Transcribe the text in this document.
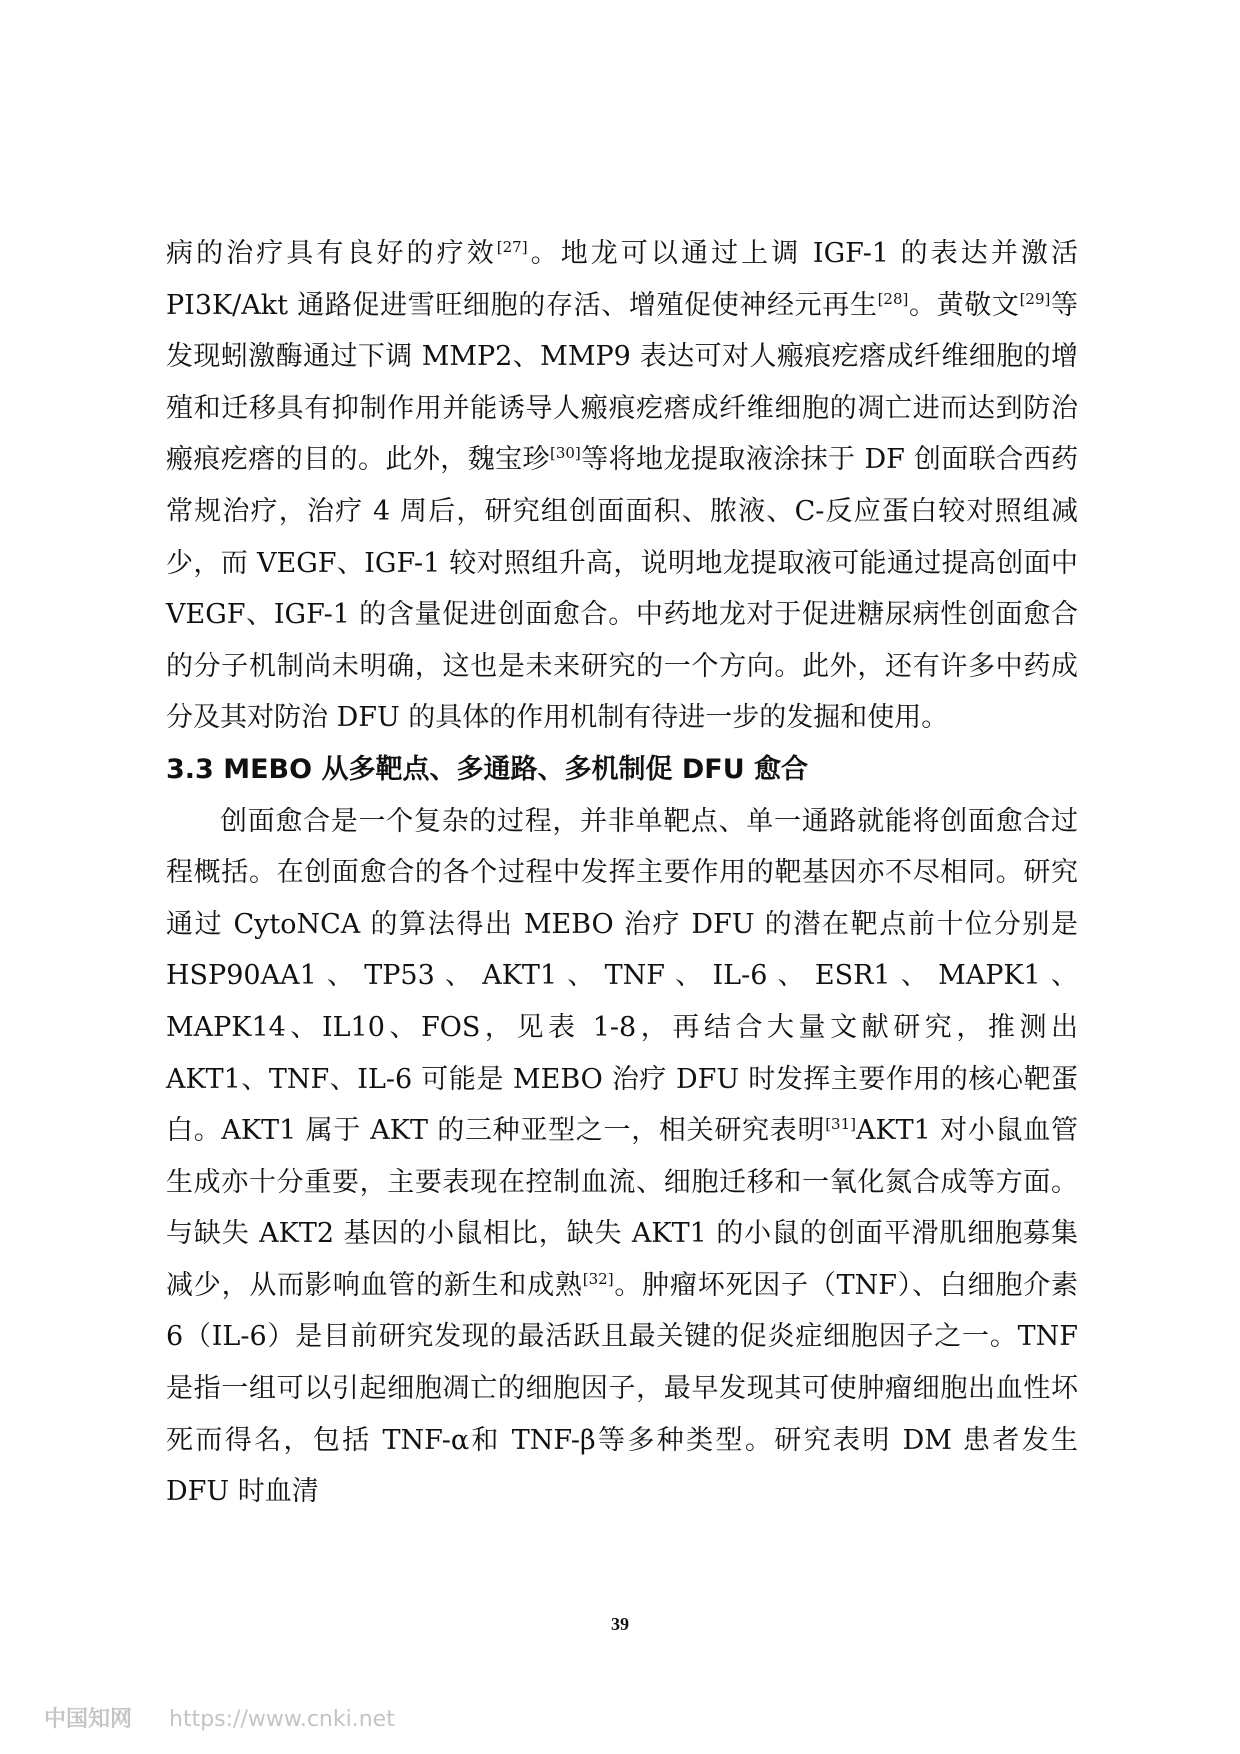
病的治疗具有良好的疗效[27]。地龙可以通过上调 IGF-1 的表达并激活 PI3K/Akt 通路促进雪旺细胞的存活、增殖促使神经元再生[28]。黄敬文[29]等发现蚓激酶通过下调 MMP2、MMP9 表达可对人瘢痕疙瘩成纤维细胞的增殖和迁移具有抑制作用并能诱导人瘢痕疙瘩成纤维细胞的凋亡进而达到防治瘢痕疙瘩的目的。此外，魏宝珍[30]等将地龙提取液涂抹于 DF 创面联合西药常规治疗，治疗 4 周后，研究组创面面积、脓液、C-反应蛋白较对照组减少，而 VEGF、IGF-1 较对照组升高，说明地龙提取液可能通过提高创面中 VEGF、IGF-1 的含量促进创面愈合。中药地龙对于促进糖尿病性创面愈合的分子机制尚未明确，这也是未来研究的一个方向。此外，还有许多中药成分及其对防治 DFU 的具体的作用机制有待进一步的发掘和使用。

3.3 MEBO 从多靶点、多通路、多机制促 DFU 愈合

创面愈合是一个复杂的过程，并非单靶点、单一通路就能将创面愈合过程概括。在创面愈合的各个过程中发挥主要作用的靶基因亦不尽相同。研究通过 CytoNCA 的算法得出 MEBO 治疗 DFU 的潜在靶点前十位分别是 HSP90AA1、TP53、AKT1、TNF、IL-6、ESR1、MAPK1、MAPK14、IL10、FOS，见表 1-8，再结合大量文献研究，推测出 AKT1、TNF、IL-6 可能是 MEBO 治疗 DFU 时发挥主要作用的核心靶蛋白。AKT1 属于 AKT 的三种亚型之一，相关研究表明[31]AKT1 对小鼠血管生成亦十分重要，主要表现在控制血流、细胞迁移和一氧化氮合成等方面。与缺失 AKT2 基因的小鼠相比，缺失 AKT1 的小鼠的创面平滑肌细胞募集减少，从而影响血管的新生和成熟[32]。肿瘤坏死因子（TNF）、白细胞介素 6（IL-6）是目前研究发现的最活跃且最关键的促炎症细胞因子之一。TNF 是指一组可以引起细胞凋亡的细胞因子，最早发现其可使肿瘤细胞出血性坏死而得名，包括 TNF-α和 TNF-β等多种类型。研究表明 DM 患者发生 DFU 时血清

39
中国知网 https://www.cnki.net
